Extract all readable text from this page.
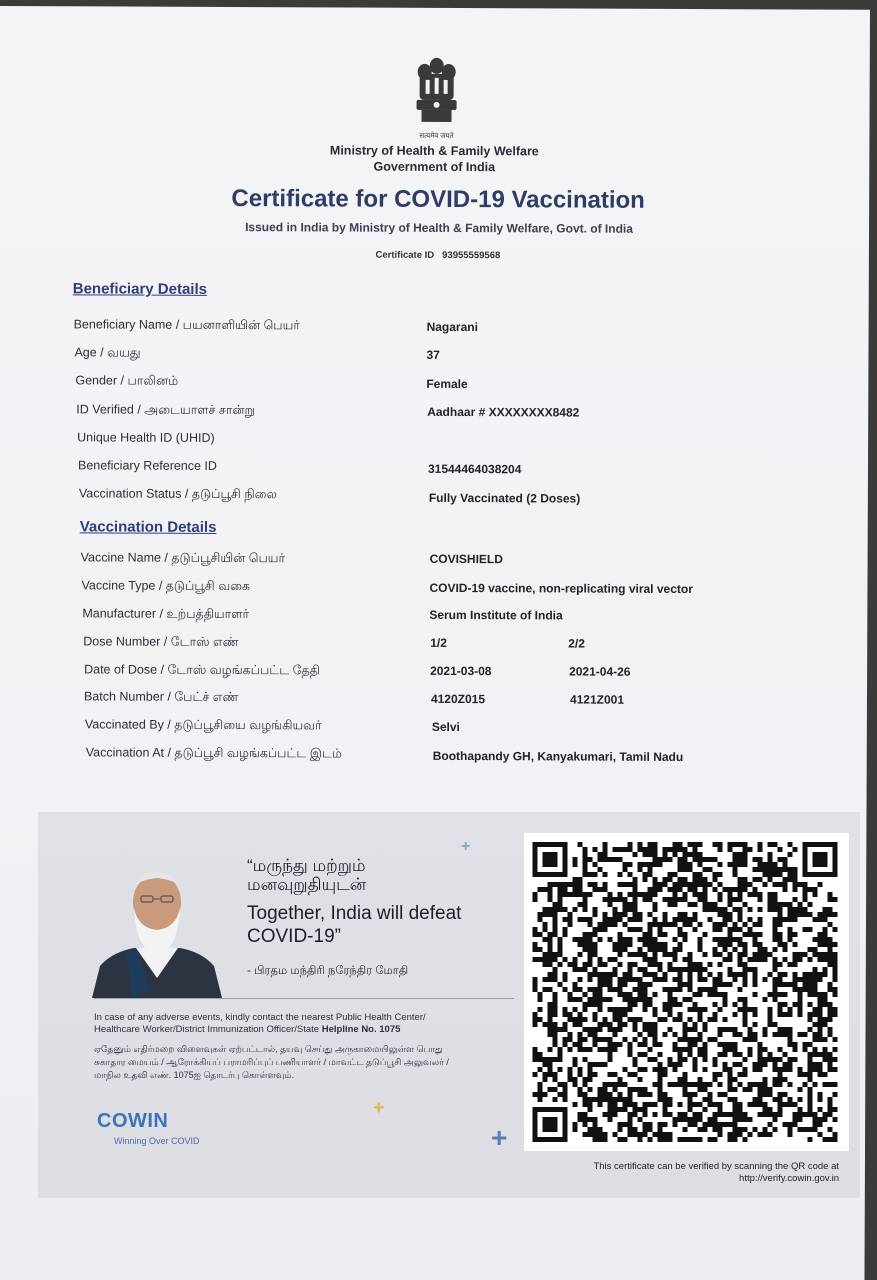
सत्यमेव जयते
Ministry of Health & Family Welfare
Government of India
Certificate for COVID-19 Vaccination
Issued in India by Ministry of Health & Family Welfare, Govt. of India
Certificate ID 93955559568
Beneficiary Details
Beneficiary Name / பயனாளியின் பெயர்	Nagarani
Age / வயது	37
Gender / பாலினம்	Female
ID Verified / அடையாளச் சான்று	Aadhaar # XXXXXXXX8482
Unique Health ID (UHID)
Beneficiary Reference ID	31544464038204
Vaccination Status / தடுப்பூசி நிலை	Fully Vaccinated (2 Doses)
Vaccination Details
Vaccine Name / தடுப்பூசியின் பெயர்	COVISHIELD
Vaccine Type / தடுப்பூசி வகை	COVID-19 vaccine, non-replicating viral vector
Manufacturer / உற்பத்தியாளர்	Serum Institute of India
Dose Number / டோஸ் எண்	1/2	2/2
Date of Dose / டோஸ் வழங்கப்பட்ட தேதி	2021-03-08	2021-04-26
Batch Number / பேட்ச் எண்	4120Z015	4121Z001
Vaccinated By / தடுப்பூசியை வழங்கியவர்	Selvi
Vaccination At / தடுப்பூசி வழங்கப்பட்ட இடம்	Boothapandy GH, Kanyakumari, Tamil Nadu
+
+
+
“மருந்து மற்றும்
மனவுறுதியுடன்
Together, India will defeat
COVID-19”
- பிரதம மந்திரி நரேந்திர மோதி
In case of any adverse events, kindly contact the nearest Public Health Center/
Healthcare Worker/District Immunization Officer/State Helpline No. 1075
ஏதேனும் எதிர்மறை விளைவுகள் ஏற்பட்டால், தயவு செய்து அருகாமையிலுள்ள பொது
சுகாதார மையம் / ஆரோக்கியப் பராமரிப்புப் பணியாளர் / மாவட்ட தடுப்பூசி அலுவலர் /
மாநில உதவி எண். 1075ஐ தொடர்பு கொள்ளவும்.
COWIN
Winning Over COVID
This certificate can be verified by scanning the QR code at
http://verify.cowin.gov.in
